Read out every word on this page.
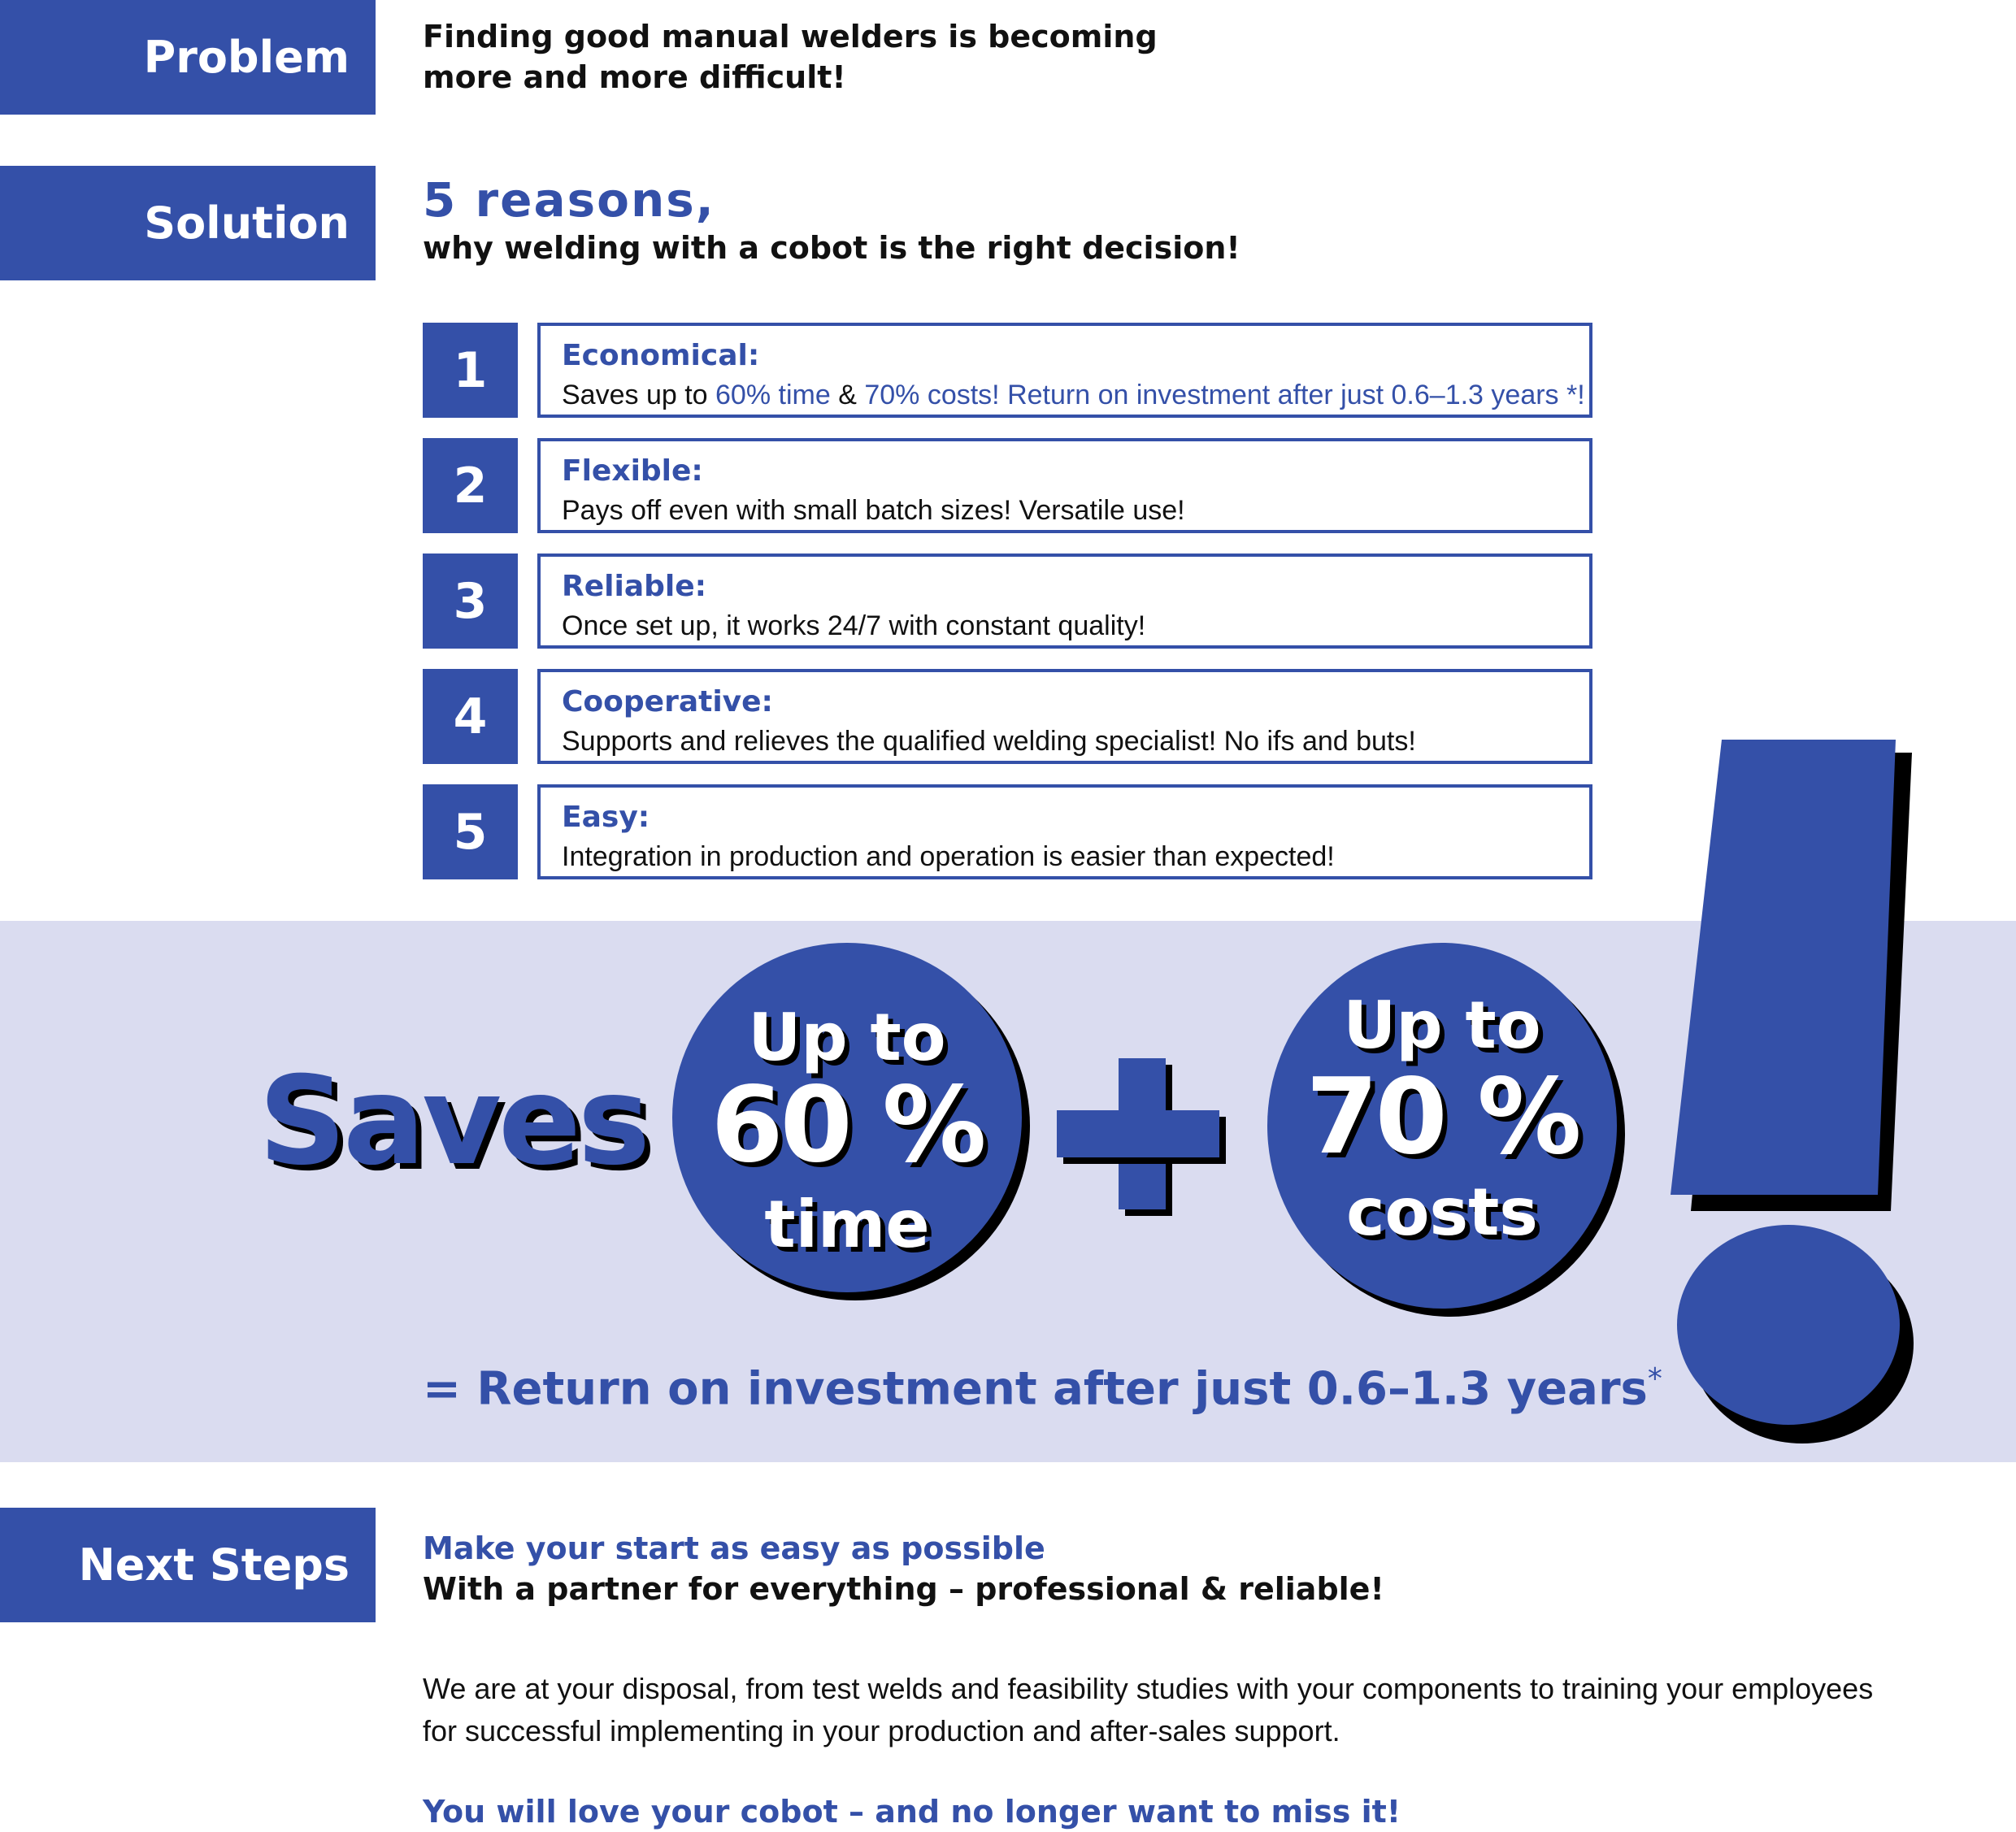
Problem Finding good manual welders is becoming
more and more difficult!
Solution 5 reasons,
why welding with a cobot is the right decision!
1	Economical:
Saves up to 60% time & 70% costs! Return on investment after just 0.6–1.3 years *!
2	Flexible:
Pays off even with small batch sizes! Versatile use!
3	Reliable:
Once set up, it works 24/7 with constant quality!
4	Cooperative:
Supports and relieves the qualified welding specialist! No ifs and buts!
5	Easy:
Integration in production and operation is easier than expected!
Saves
Up to
60 %
time
Up to
70 %
costs
= Return on investment after just 0.6–1.3 years*
Next Steps Make your start as easy as possible
With a partner for everything – professional & reliable!
We are at your disposal, from test welds and feasibility studies with your components to training your employees
for successful implementing in your production and after-sales support.
You will love your cobot – and no longer want to miss it!
